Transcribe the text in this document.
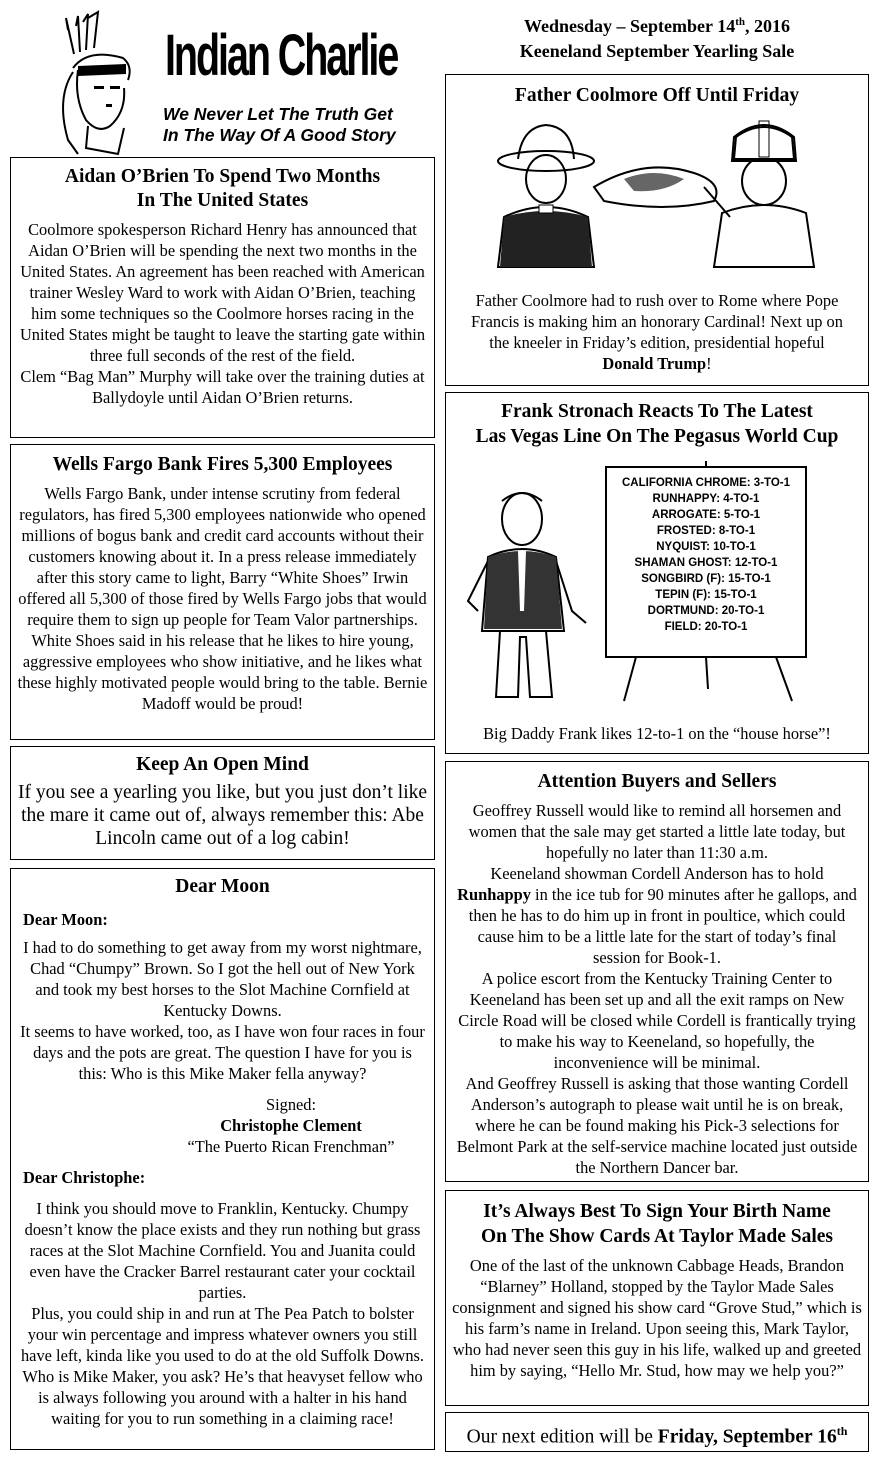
Indian Charlie
We Never Let The Truth Get
In The Way Of A Good Story
Wednesday – September 14th, 2016
Keeneland September Yearling Sale
Aidan O’Brien To Spend Two Months
In The United States

Coolmore spokesperson Richard Henry has announced that Aidan O’Brien will be spending the next two months in the United States. An agreement has been reached with American trainer Wesley Ward to work with Aidan O’Brien, teaching him some techniques so the Coolmore horses racing in the United States might be taught to leave the starting gate within three full seconds of the rest of the field.

Clem “Bag Man” Murphy will take over the training duties at Ballydoyle until Aidan O’Brien returns.

Wells Fargo Bank Fires 5,300 Employees
Wells Fargo Bank, under intense scrutiny from federal regulators, has fired 5,300 employees nationwide who opened millions of bogus bank and credit card accounts without their customers knowing about it. In a press release immediately after this story came to light, Barry “White Shoes” Irwin offered all 5,300 of those fired by Wells Fargo jobs that would require them to sign up people for Team Valor partnerships. White Shoes said in his release that he likes to hire young, aggressive employees who show initiative, and he likes what these highly motivated people would bring to the table. Bernie Madoff would be proud!
Keep An Open Mind
If you see a yearling you like, but you just don’t like the mare it came out of, always remember this: Abe Lincoln came out of a log cabin!
Dear Moon
Dear Moon:

I had to do something to get away from my worst nightmare, Chad “Chumpy” Brown. So I got the hell out of New York and took my best horses to the Slot Machine Cornfield at Kentucky Downs.

It seems to have worked, too, as I have won four races in four days and the pots are great. The question I have for you is this: Who is this Mike Maker fella anyway?

Signed:
Christophe Clement
“The Puerto Rican Frenchman”
Dear Christophe:

I think you should move to Franklin, Kentucky. Chumpy doesn’t know the place exists and they run nothing but grass races at the Slot Machine Cornfield. You and Juanita could even have the Cracker Barrel restaurant cater your cocktail parties.

Plus, you could ship in and run at The Pea Patch to bolster your win percentage and impress whatever owners you still have left, kinda like you used to do at the old Suffolk Downs. Who is Mike Maker, you ask? He’s that heavyset fellow who is always following you around with a halter in his hand waiting for you to run something in a claiming race!

Father Coolmore Off Until Friday
Father Coolmore had to rush over to Rome where Pope Francis is making him an honorary Cardinal! Next up on the kneeler in Friday’s edition, presidential hopeful Donald Trump!
Frank Stronach Reacts To The Latest
Las Vegas Line On The Pegasus World Cup
CALIFORNIA CHROME: 3-TO-1
RUNHAPPY: 4-TO-1
ARROGATE: 5-TO-1
FROSTED: 8-TO-1
NYQUIST: 10-TO-1
SHAMAN GHOST: 12-TO-1
SONGBIRD (F): 15-TO-1
TEPIN (F): 15-TO-1
DORTMUND: 20-TO-1
FIELD: 20-TO-1
Big Daddy Frank likes 12-to-1 on the “house horse”!
Attention Buyers and Sellers

Geoffrey Russell would like to remind all horsemen and women that the sale may get started a little late today, but hopefully no later than 11:30 a.m.

Keeneland showman Cordell Anderson has to hold Runhappy in the ice tub for 90 minutes after he gallops, and then he has to do him up in front in poultice, which could cause him to be a little late for the start of today’s final session for Book-1.

A police escort from the Kentucky Training Center to Keeneland has been set up and all the exit ramps on New Circle Road will be closed while Cordell is frantically trying to make his way to Keeneland, so hopefully, the inconvenience will be minimal.

And Geoffrey Russell is asking that those wanting Cordell Anderson’s autograph to please wait until he is on break, where he can be found making his Pick-3 selections for Belmont Park at the self-service machine located just outside the Northern Dancer bar.

It’s Always Best To Sign Your Birth Name
On The Show Cards At Taylor Made Sales
One of the last of the unknown Cabbage Heads, Brandon “Blarney” Holland, stopped by the Taylor Made Sales consignment and signed his show card “Grove Stud,” which is his farm’s name in Ireland. Upon seeing this, Mark Taylor, who had never seen this guy in his life, walked up and greeted him by saying, “Hello Mr. Stud, how may we help you?”
Our next edition will be Friday, September 16th
